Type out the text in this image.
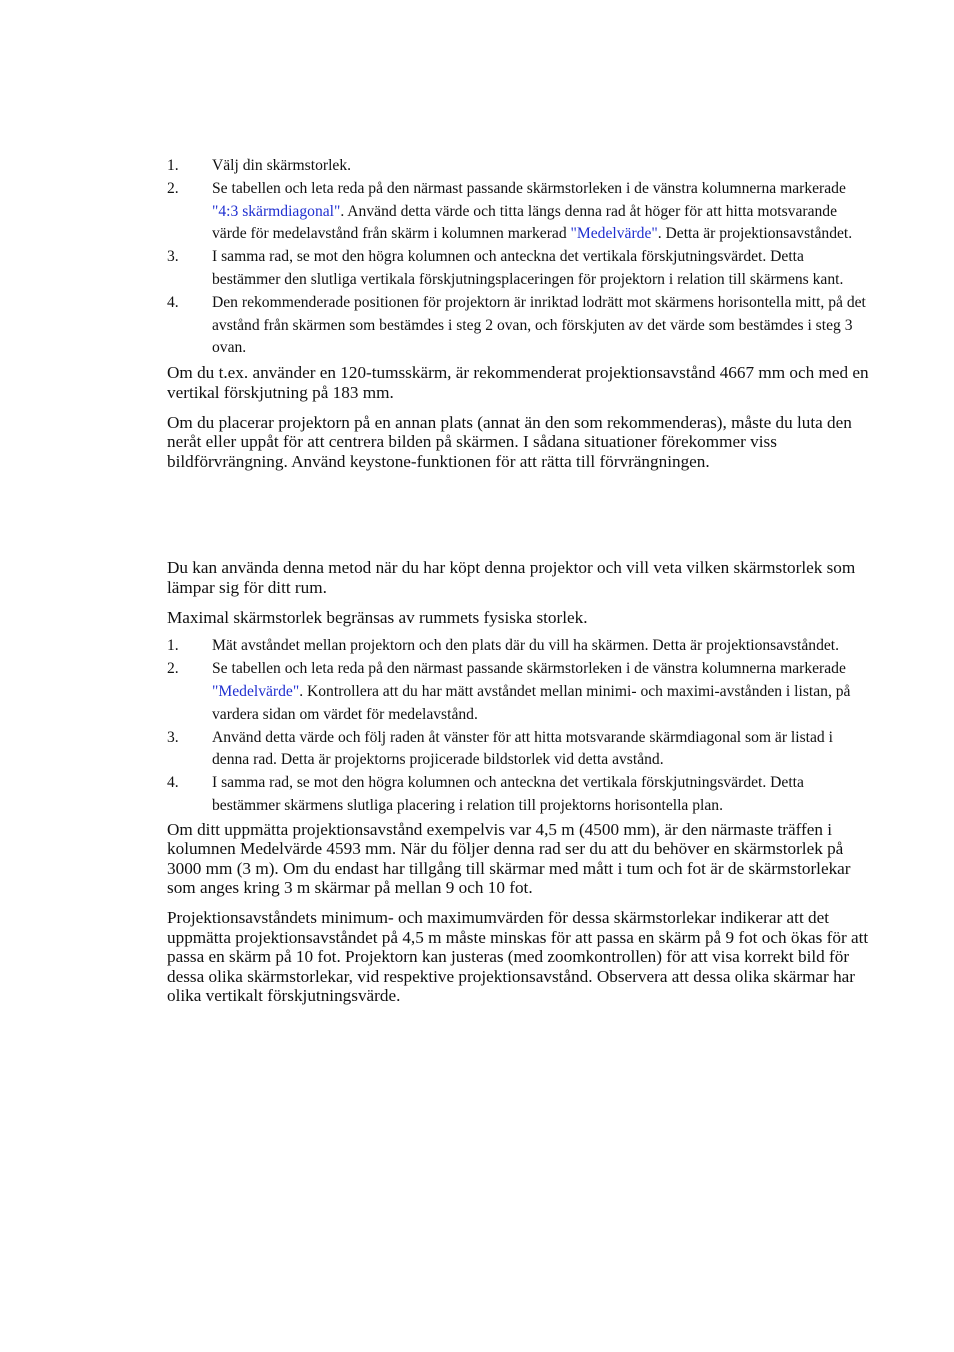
1. Välj din skärmstorlek.
2. Se tabellen och leta reda på den närmast passande skärmstorleken i de vänstra kolumnerna markerade "4:3 skärmdiagonal". Använd detta värde och titta längs denna rad åt höger för att hitta motsvarande värde för medelavstånd från skärm i kolumnen markerad "Medelvärde". Detta är projektionsavståndet.
3. I samma rad, se mot den högra kolumnen och anteckna det vertikala förskjutningsvärdet. Detta bestämmer den slutliga vertikala förskjutningsplaceringen för projektorn i relation till skärmens kant.
4. Den rekommenderade positionen för projektorn är inriktad lodrätt mot skärmens horisontella mitt, på det avstånd från skärmen som bestämdes i steg 2 ovan, och förskjuten av det värde som bestämdes i steg 3 ovan.

Om du t.ex. använder en 120-tumsskärm, är rekommenderat projektionsavstånd 4667 mm och med en vertikal förskjutning på 183 mm.

Om du placerar projektorn på en annan plats (annat än den som rekommenderas), måste du luta den neråt eller uppåt för att centrera bilden på skärmen. I sådana situationer förekommer viss bildförvrängning. Använd keystone-funktionen för att rätta till förvrängningen.

Du kan använda denna metod när du har köpt denna projektor och vill veta vilken skärmstorlek som lämpar sig för ditt rum.

Maximal skärmstorlek begränsas av rummets fysiska storlek.

1. Mät avståndet mellan projektorn och den plats där du vill ha skärmen. Detta är projektionsavståndet.
2. Se tabellen och leta reda på den närmast passande skärmstorleken i de vänstra kolumnerna markerade "Medelvärde". Kontrollera att du har mätt avståndet mellan minimi- och maximi-avstånden i listan, på vardera sidan om värdet för medelavstånd.
3. Använd detta värde och följ raden åt vänster för att hitta motsvarande skärmdiagonal som är listad i denna rad. Detta är projektorns projicerade bildstorlek vid detta avstånd.
4. I samma rad, se mot den högra kolumnen och anteckna det vertikala förskjutningsvärdet. Detta bestämmer skärmens slutliga placering i relation till projektorns horisontella plan.

Om ditt uppmätta projektionsavstånd exempelvis var 4,5 m (4500 mm), är den närmaste träffen i kolumnen Medelvärde 4593 mm. När du följer denna rad ser du att du behöver en skärmstorlek på 3000 mm (3 m). Om du endast har tillgång till skärmar med mått i tum och fot är de skärmstorlekar som anges kring 3 m skärmar på mellan 9 och 10 fot.

Projektionsavståndets minimum- och maximumvärden för dessa skärmstorlekar indikerar att det uppmätta projektionsavståndet på 4,5 m måste minskas för att passa en skärm på 9 fot och ökas för att passa en skärm på 10 fot. Projektorn kan justeras (med zoomkontrollen) för att visa korrekt bild för dessa olika skärmstorlekar, vid respektive projektionsavstånd. Observera att dessa olika skärmar har olika vertikalt förskjutningsvärde.
